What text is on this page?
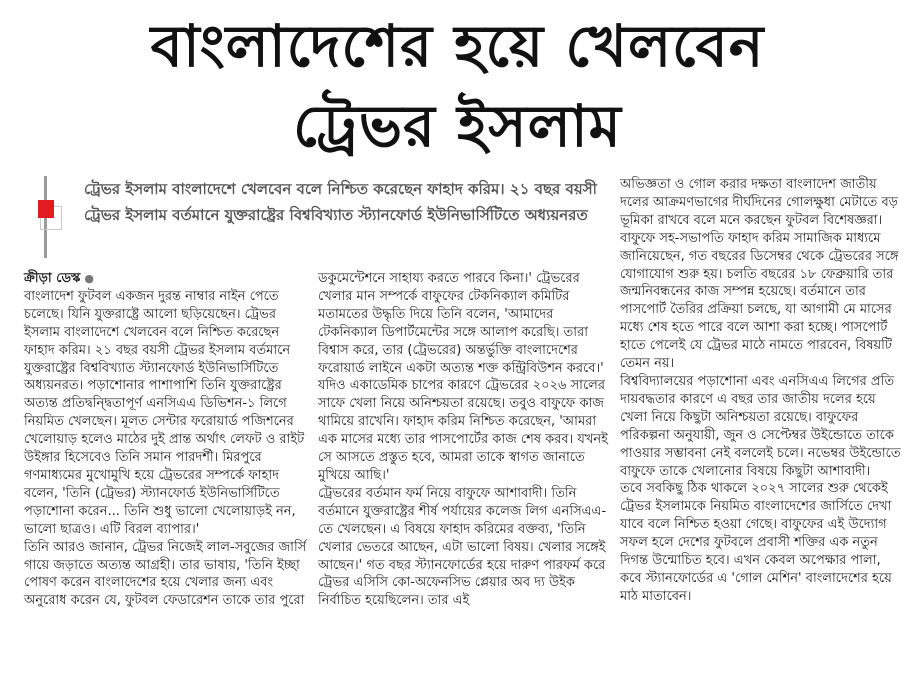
বাংলাদেশের হয়ে খেলবেন
ট্রেভর ইসলাম
ট্রেভর ইসলাম বাংলাদেশে খেলবেন বলে নিশ্চিত করেছেন ফাহাদ করিম। ২১ বছর বয়সী ট্রেভর ইসলাম বর্তমানে যুক্তরাষ্ট্রের বিশ্ববিখ্যাত স্ট্যানফোর্ড ইউনিভার্সিটিতে অধ্যয়নরত

ক্রীড়া ডেস্ক ●

বাংলাদেশ ফুটবল একজন দুরন্ত নাম্বার নাইন পেতে চলেছে। যিনি যুক্তরাষ্ট্রে আলো ছড়িয়েছেন। ট্রেভর ইসলাম বাংলাদেশে খেলবেন বলে নিশ্চিত করেছেন ফাহাদ করিম। ২১ বছর বয়সী ট্রেভর ইসলাম বর্তমানে যুক্তরাষ্ট্রের বিশ্ববিখ্যাত স্ট্যানফোর্ড ইউনিভার্সিটিতে অধ্যয়নরত। পড়াশোনার পাশাপাশি তিনি যুক্তরাষ্ট্রের অত্যন্ত প্রতিদ্বন্দ্বিতাপূর্ণ এনসিএএ ডিভিশন-১ লিগে নিয়মিত খেলছেন। মূলত সেন্টার ফরোয়ার্ড পজিশনের খেলোয়াড় হলেও মাঠের দুই প্রান্ত অর্থাৎ লেফট ও রাইট উইঙ্গার হিসেবেও তিনি সমান পারদর্শী। মিরপুরে গণমাধ্যমের মুখোমুখি হয়ে ট্রেভরের সম্পর্কে ফাহাদ বলেন, 'তিনি (ট্রেভর) স্ট্যানফোর্ড ইউনিভার্সিটিতে পড়াশোনা করেন... তিনি শুধু ভালো খেলোয়াড়ই নন, ভালো ছাত্রও। এটি বিরল ব্যাপার।'

তিনি আরও জানান, ট্রেভর নিজেই লাল-সবুজের জার্সি গায়ে জড়াতে অত্যন্ত আগ্রহী। তার ভাষায়, 'তিনি ইচ্ছা পোষণ করেন বাংলাদেশের হয়ে খেলার জন্য এবং অনুরোধ করেন যে, ফুটবল ফেডারেশন তাকে তার পুরো

ডকুমেন্টেশনে সাহায্য করতে পারবে কিনা।' ট্রেভরের খেলার মান সম্পর্কে বাফুফের টেকনিক্যাল কমিটির মতামতের উদ্ধৃতি দিয়ে তিনি বলেন, 'আমাদের টেকনিক্যাল ডিপার্টমেন্টের সঙ্গে আলাপ করেছি। তারা বিশ্বাস করে, তার (ট্রেভরের) অন্তর্ভুক্তি বাংলাদেশের ফরোয়ার্ড লাইনে একটা অত্যন্ত শক্ত কন্ট্রিবিউশন করবে।'

যদিও একাডেমিক চাপের কারণে ট্রেভরের ২০২৬ সালের সাফে খেলা নিয়ে অনিশ্চয়তা রয়েছে। তবুও বাফুফে কাজ থামিয়ে রাখেনি। ফাহাদ করিম নিশ্চিত করেছেন, 'আমরা এক মাসের মধ্যে তার পাসপোর্টের কাজ শেষ করব। যখনই সে আসতে প্রস্তুত হবে, আমরা তাকে স্বাগত জানাতে মুখিয়ে আছি।'

ট্রেভরের বর্তমান ফর্ম নিয়ে বাফুফে আশাবাদী। তিনি বর্তমানে যুক্তরাষ্ট্রের শীর্ষ পর্যায়ের কলেজ লিগ এনসিএএ-তে খেলছেন। এ বিষয়ে ফাহাদ করিমের বক্তব্য, 'তিনি খেলার ভেতরে আছেন, এটা ভালো বিষয়। খেলার সঙ্গেই আছেন।' গত বছর স্ট্যানফোর্ডের হয়ে দারুণ পারফর্ম করে ট্রেভর এসিসি কো-অফেনসিভ প্লেয়ার অব দ্য উইক নির্বাচিত হয়েছিলেন। তার এই

অভিজ্ঞতা ও গোল করার দক্ষতা বাংলাদেশ জাতীয় দলের আক্রমণভাগের দীর্ঘদিনের গোলক্ষুধা মেটাতে বড় ভূমিকা রাখবে বলে মনে করছেন ফুটবল বিশেষজ্ঞরা।

বাফুফে সহ-সভাপতি ফাহাদ করিম সামাজিক মাধ্যমে জানিয়েছেন, গত বছরের ডিসেম্বর থেকে ট্রেভরের সঙ্গে যোগাযোগ শুরু হয়। চলতি বছরের ১৮ ফেব্রুয়ারি তার জন্মনিবন্ধনের কাজ সম্পন্ন হয়েছে। বর্তমানে তার পাসপোর্ট তৈরির প্রক্রিয়া চলছে, যা আগামী মে মাসের মধ্যে শেষ হতে পারে বলে আশা করা হচ্ছে। পাসপোর্ট হাতে পেলেই যে ট্রেভর মাঠে নামতে পারবেন, বিষয়টি তেমন নয়।

বিশ্ববিদ্যালয়ের পড়াশোনা এবং এনসিএএ লিগের প্রতি দায়বদ্ধতার কারণে এ বছর তার জাতীয় দলের হয়ে খেলা নিয়ে কিছুটা অনিশ্চয়তা রয়েছে। বাফুফের পরিকল্পনা অনুযায়ী, জুন ও সেপ্টেম্বর উইন্ডোতে তাকে পাওয়ার সম্ভাবনা নেই বললেই চলে। নভেম্বর উইন্ডোতে বাফুফে তাকে খেলানোর বিষয়ে কিছুটা আশাবাদী।

তবে সবকিছু ঠিক থাকলে ২০২৭ সালের শুরু থেকেই ট্রেভর ইসলামকে নিয়মিত বাংলাদেশের জার্সিতে দেখা যাবে বলে নিশ্চিত হওয়া গেছে। বাফুফের এই উদ্যোগ সফল হলে দেশের ফুটবলে প্রবাসী শক্তির এক নতুন দিগন্ত উন্মোচিত হবে। এখন কেবল অপেক্ষার পালা, কবে স্ট্যানফোর্ডের এ 'গোল মেশিন' বাংলাদেশের হয়ে মাঠ মাতাবেন।
